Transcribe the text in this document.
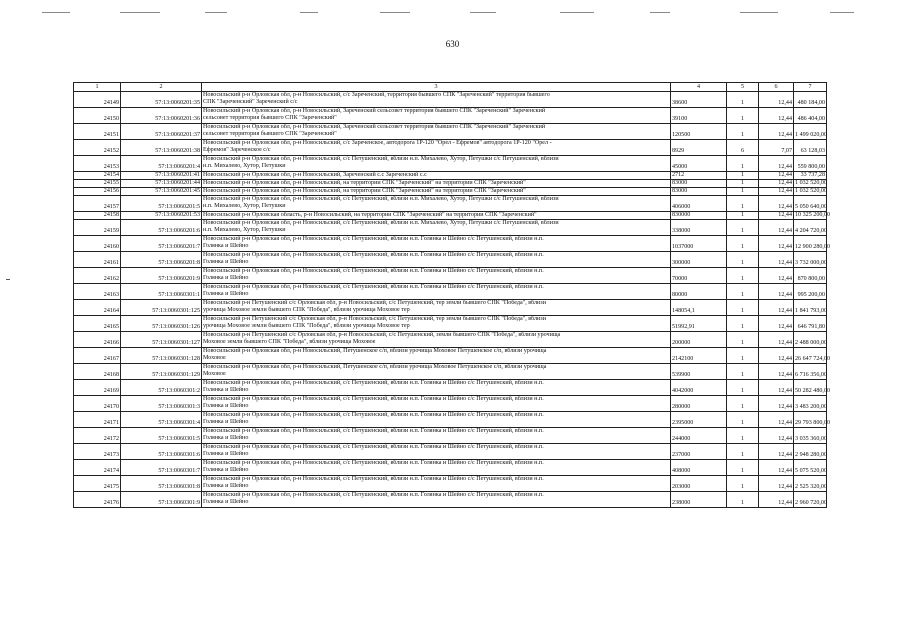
630
1	2	3	4	5	6	7
24149	57:13:0060201:35	Новосильский р-н Орловская обл, р-н Новосильский, с/с Зареченский, территория бывшего СПК "Зареченский" территория бывшего
СПК "Зареченский" Зареченский с/с	38600	1	12,44	480 184,00
24150	57:13:0060201:36	Новосильский р-н Орловская обл, р-н Новосильский, Зареченский сельсовет территория бывшего СПК "Зареченский" Зареченский
сельсовет территория бывшего СПК "Зареченский"	39100	1	12,44	486 404,00
24151	57:13:0060201:37	Новосильский р-н Орловская обл, р-н Новосильский, Зареченский сельсовет территория бывшего СПК "Зареченский" Зареченский
сельсовет территория бывшего СПК "Зареченский"	120500	1	12,44	1 499 020,00
24152	57:13:0060201:38	Новосильский р-н Орловская обл, р-н Новосильский, с/с Зареченское, автодорога 1Р-120 "Орел - Ефремов" автодорога 1Р-120 "Орел -
Ефремов" Зареченское с/с	8929	6	7,07	63 128,03
24153	57:13:0060201:4	Новосильский р-н Орловская обл, р-н Новосильский, с/с Петушенский, вблизи н.п. Михалево, Хутор, Петушки с/с Петушенский, вблизи
н.п. Михалево, Хутор, Петушки	45000	1	12,44	559 800,00
24154	57:13:0060201:41	Новосильский р-н Орловская обл, р-н Новосильский, Зареченский с.с Зареченский с.с	2712	1	12,44	33 737,28
24155	57:13:0060201:44	Новосильский р-н Орловская обл, р-н Новосильский, на территории СПК "Зареченский" на территории СПК "Зареченский"	83000	1	12,44	1 032 520,00
24156	57:13:0060201:45	Новосильский р-н Орловская обл, р-н Новосильский, на территории СПК "Зареченский" на территории СПК "Зареченский"	83000	1	12,44	1 032 520,00
24157	57:13:0060201:5	Новосильский р-н Орловская обл, р-н Новосильский, с/с Петушенский, вблизи н.п. Михалево, Хутор, Петушки с/с Петушенский, вблизи
н.п. Михалево, Хутор, Петушки	406000	1	12,44	5 050 640,00
24158	57:13:0060201:53	Новосильский р-н Орловская область, р-н Новосильский, на территории СПК "Зареченский" на территории СПК "Зареченский"	830000	1	12,44	10 325 200,00
24159	57:13:0060201:6	Новосильский р-н Орловская обл, р-н Новосильский, с/с Петушенский, вблизи н.п. Михалево, Хутор, Петушки с/с Петушенский, вблизи
н.п. Михалево, Хутор, Петушки	338000	1	12,44	4 204 720,00
24160	57:13:0060201:7	Новосильский р-н Орловская обл, р-н Новосильский, с/с Петушенский, вблизи н.п. Голянка и Шейно с/с Петушенский, вблизи н.п.
Голянка и Шейно	1037000	1	12,44	12 900 280,00
24161	57:13:0060201:8	Новосильский р-н Орловская обл, р-н Новосильский, с/с Петушенский, вблизи н.п. Голянка и Шейно с/с Петушенский, вблизи н.п.
Голянка и Шейно	300000	1	12,44	3 732 000,00
24162	57:13:0060201:9	Новосильский р-н Орловская обл, р-н Новосильский, с/с Петушенский, вблизи н.п. Голянка и Шейно с/с Петушенский, вблизи н.п.
Голянка и Шейно	70000	1	12,44	870 800,00
24163	57:13:0060301:1	Новосильский р-н Орловская обл, р-н Новосильский, с/с Петушенский, вблизи н.п. Голянка и Шейно с/с Петушенский, вблизи н.п.
Голянка и Шейно	80000	1	12,44	995 200,00
24164	57:13:0060301:125	Новосильский р-н Петушенский с/с Орловская обл, р-н Новосильский, с/с Петушенский, тер земли бывшего СПК "Победа", вблизи
урочища Моховое земли бывшего СПК "Победа", вблизи урочища Моховое тер	148054,1	1	12,44	1 841 793,00
24165	57:13:0060301:126	Новосильский р-н Петушенский с/с Орловская обл, р-н Новосильский, с/с Петушенский, тер земли бывшего СПК "Победа", вблизи
урочища Моховое земли бывшего СПК "Победа", вблизи урочища Моховое тер	51992,91	1	12,44	646 791,80
24166	57:13:0060301:127	Новосильский р-н Петушенский с/с Орловская обл, р-н Новосильский, с/с Петушенский, земли бывшего СПК "Победа", вблизи урочища
Моховое земли бывшего СПК "Победа", вблизи урочища Моховое	200000	1	12,44	2 488 000,00
24167	57:13:0060301:128	Новосильский р-н Орловская обл, р-н Новосильский, Петушенское с/п, вблизи урочища Моховое Петушенское с/п, вблизи урочища
Моховое	2142100	1	12,44	26 647 724,00
24168	57:13:0060301:129	Новосильский р-н Орловская обл, р-н Новосильский, Петушенское с/п, вблизи урочища Моховое Петушенское с/п, вблизи урочища
Моховое	539900	1	12,44	6 716 356,00
24169	57:13:0060301:2	Новосильский р-н Орловская обл, р-н Новосильский, с/с Петушенский, вблизи н.п. Голянка и Шейно с/с Петушенский, вблизи н.п.
Голянка и Шейно	4042000	1	12,44	50 282 480,00
24170	57:13:0060301:3	Новосильский р-н Орловская обл, р-н Новосильский, с/с Петушенский, вблизи н.п. Голянка и Шейно с/с Петушенский, вблизи н.п.
Голянка и Шейно	280000	1	12,44	3 483 200,00
24171	57:13:0060301:4	Новосильский р-н Орловская обл, р-н Новосильский, с/с Петушенский, вблизи н.п. Голянка и Шейно с/с Петушенский, вблизи н.п.
Голянка и Шейно	2395000	1	12,44	29 793 800,00
24172	57:13:0060301:5	Новосильский р-н Орловская обл, р-н Новосильский, с/с Петушенский, вблизи н.п. Голянка и Шейно с/с Петушенский, вблизи н.п.
Голянка и Шейно	244000	1	12,44	3 035 360,00
24173	57:13:0060301:6	Новосильский р-н Орловская обл, р-н Новосильский, с/с Петушенский, вблизи н.п. Голянка и Шейно с/с Петушенский, вблизи н.п.
Голянка и Шейно	237000	1	12,44	2 948 280,00
24174	57:13:0060301:7	Новосильский р-н Орловская обл, р-н Новосильский, с/с Петушенский, вблизи н.п. Голянка и Шейно с/с Петушенский, вблизи н.п.
Голянка и Шейно	408000	1	12,44	5 075 520,00
24175	57:13:0060301:8	Новосильский р-н Орловская обл, р-н Новосильский, с/с Петушенский, вблизи н.п. Голянка и Шейно с/с Петушенский, вблизи н.п.
Голянка и Шейно	203000	1	12,44	2 525 320,00
24176	57:13:0060301:9	Новосильский р-н Орловская обл, р-н Новосильский, с/с Петушенский, вблизи н.п. Голянка и Шейно с/с Петушенский, вблизи н.п.
Голянка и Шейно	238000	1	12,44	2 960 720,00
